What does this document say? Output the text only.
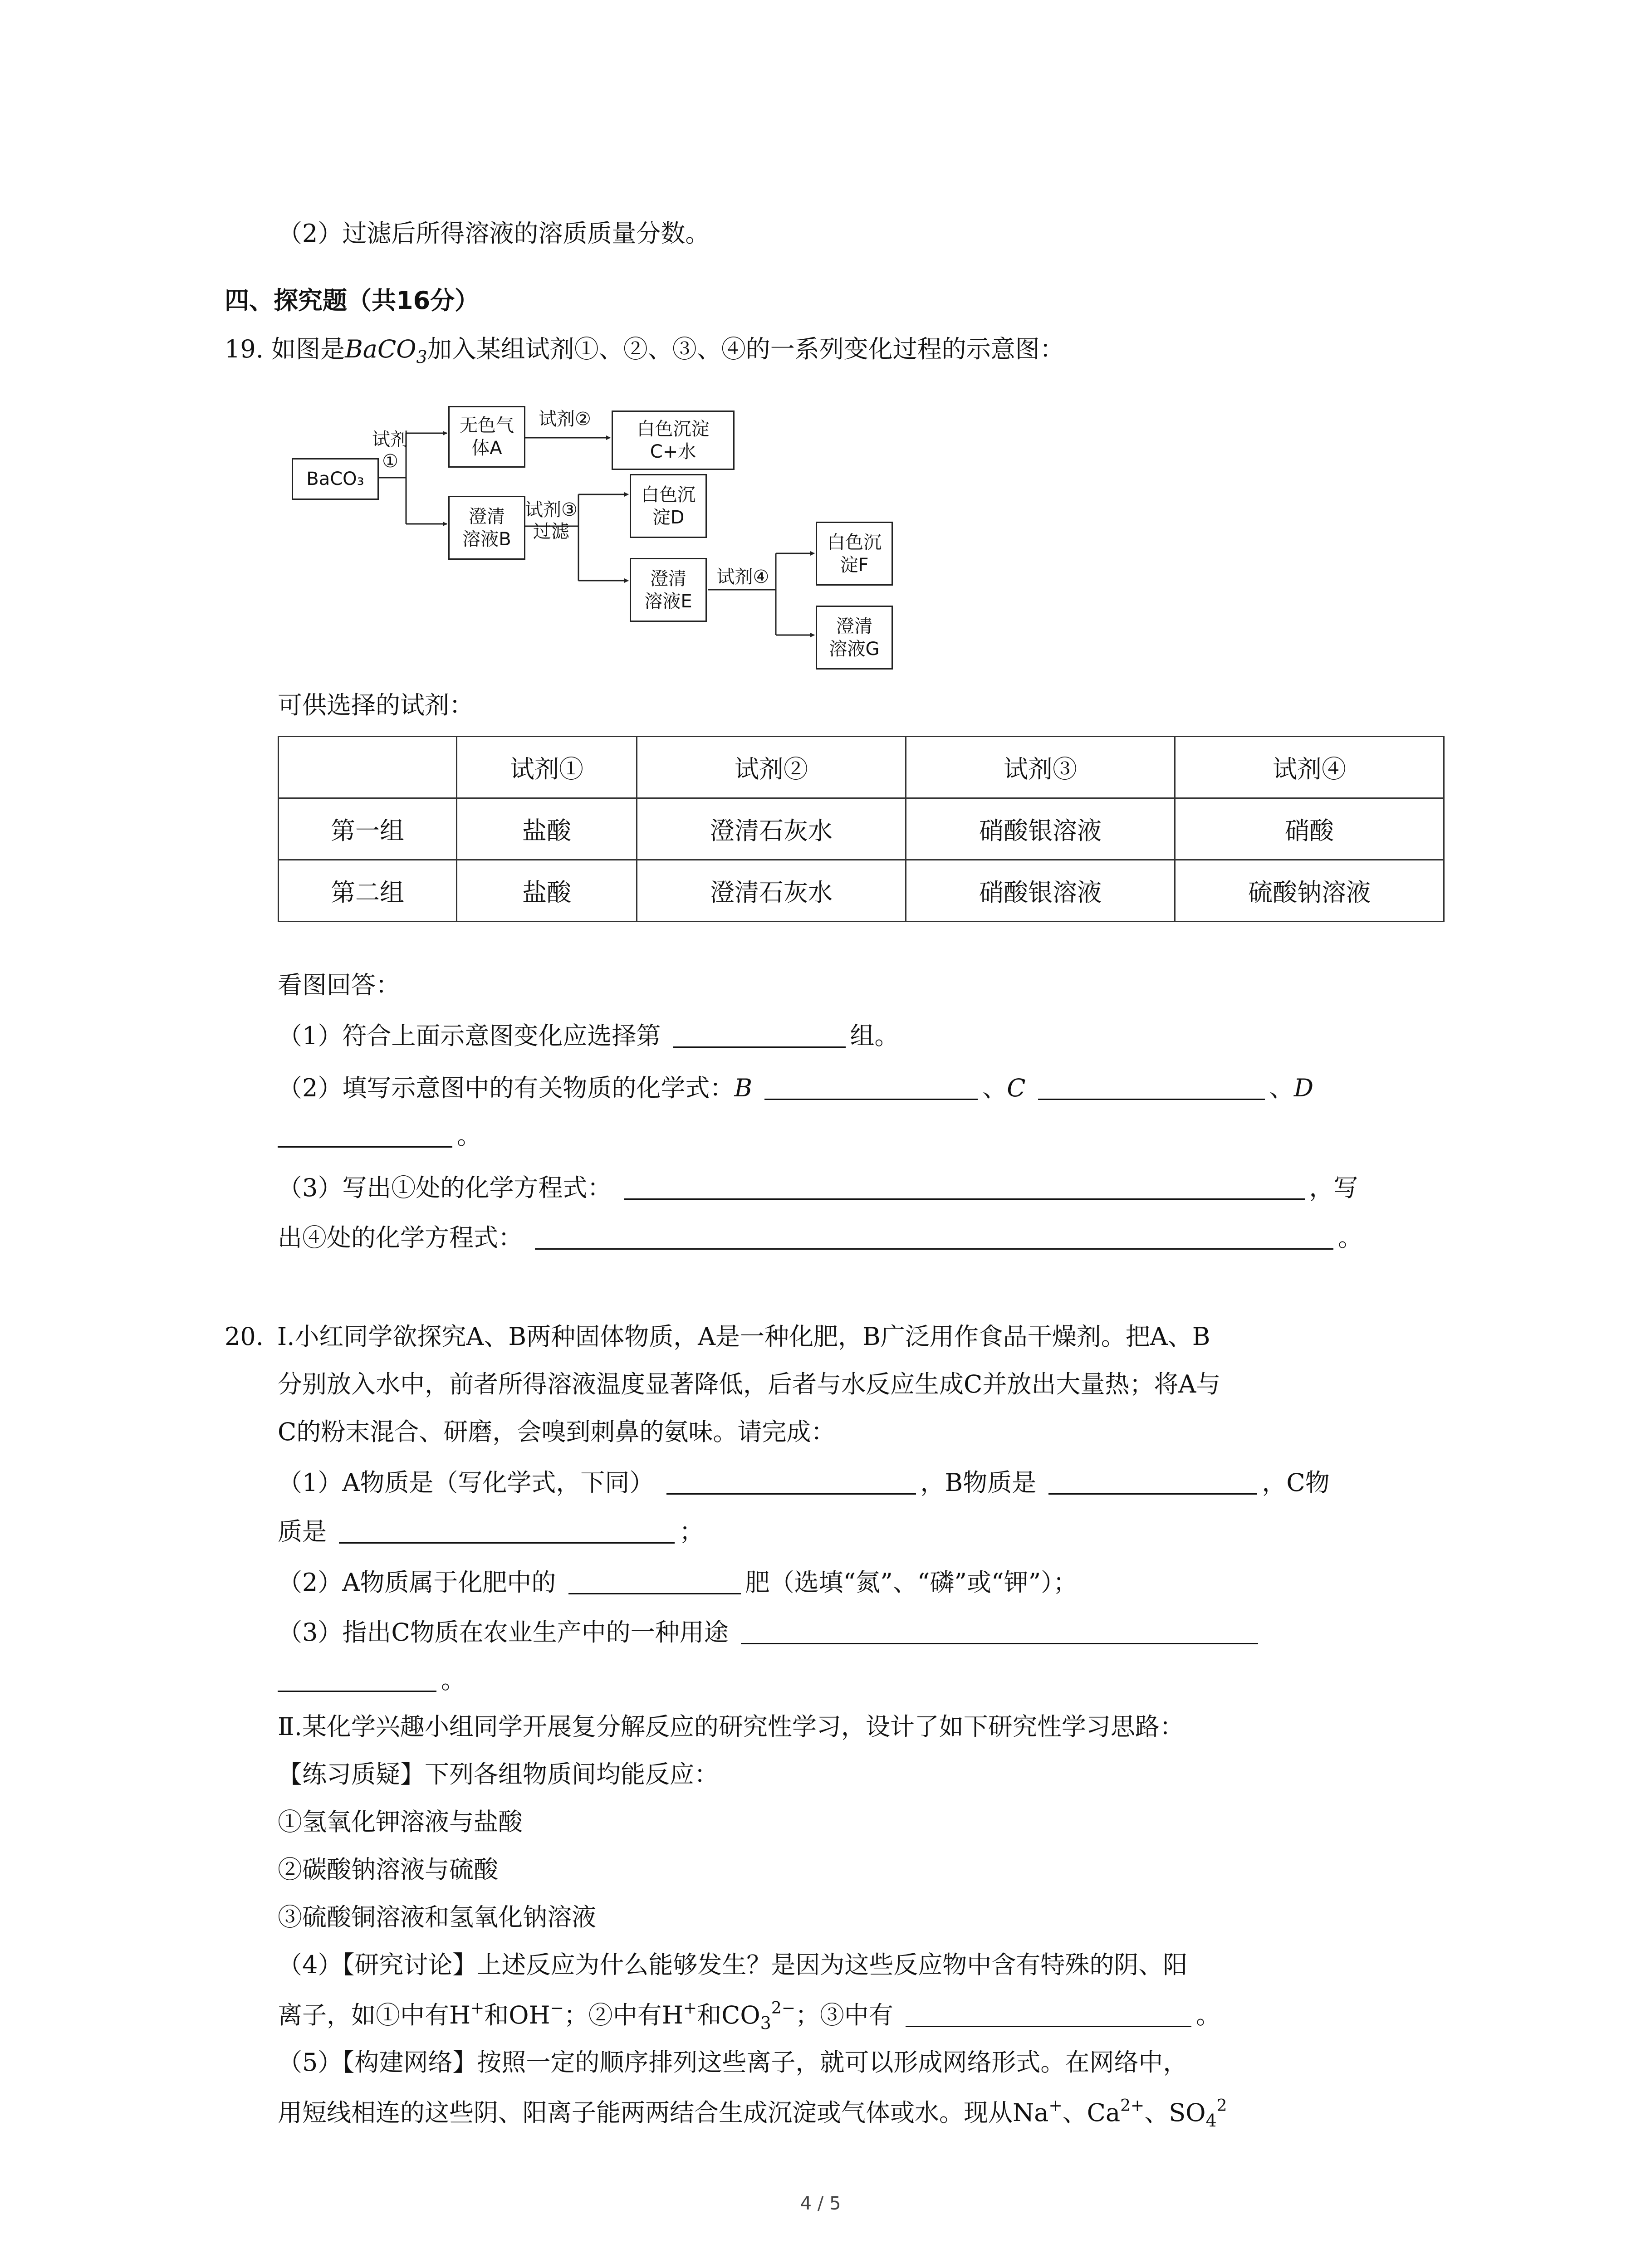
（2）过滤后所得溶液的溶质质量分数。
四、探究题（共16分）
19. 如图是BaCO$_3$加入某组试剂①、②、③、④的一系列变化过程的示意图：
BaCO₃
试剂
①
无色气
体A
试剂②	白色沉淀
C+水
澄清
溶液B
试剂③
过滤
白色沉
淀D
澄清
溶液E
试剂④
白色沉
淀F
澄清
溶液G
可供选择的试剂：
	试剂①	试剂②	试剂③	试剂④
第一组	盐酸	澄清石灰水	硝酸银溶液	硝酸
第二组	盐酸	澄清石灰水	硝酸银溶液	硫酸钠溶液
看图回答：
（1）符合上面示意图变化应选择第	组。
（2）填写示意图中的有关物质的化学式：B	、C	、D
。
（3）写出①处的化学方程式：	，写
出④处的化学方程式：	。
20. Ⅰ.小红同学欲探究A、B两种固体物质，A是一种化肥，B广泛用作食品干燥剂。把A、B
分别放入水中，前者所得溶液温度显著降低，后者与水反应生成C并放出大量热；将A与
C的粉末混合、研磨，会嗅到刺鼻的氨味。请完成：
（1）A物质是（写化学式，下同）	，B物质是	，C物
质是	；
（2）A物质属于化肥中的	肥（选填“氮”、“磷”或“钾”）；
（3）指出C物质在农业生产中的一种用途
。
Ⅱ.某化学兴趣小组同学开展复分解反应的研究性学习，设计了如下研究性学习思路：
【练习质疑】下列各组物质间均能反应：
①氢氧化钾溶液与盐酸
②碳酸钠溶液与硫酸
③硫酸铜溶液和氢氧化钠溶液
（4）【研究讨论】上述反应为什么能够发生？是因为这些反应物中含有特殊的阴、阳
离子，如①中有H+和OH−；②中有H+和$CO_3^{2-}$；③中有	。
（5）【构建网络】按照一定的顺序排列这些离子，就可以形成网络形式。在网络中，
用短线相连的这些阴、阳离子能两两结合生成沉淀或气体或水。现从Na+、$Ca^{2+}$、$SO_4^2$
4 / 5
